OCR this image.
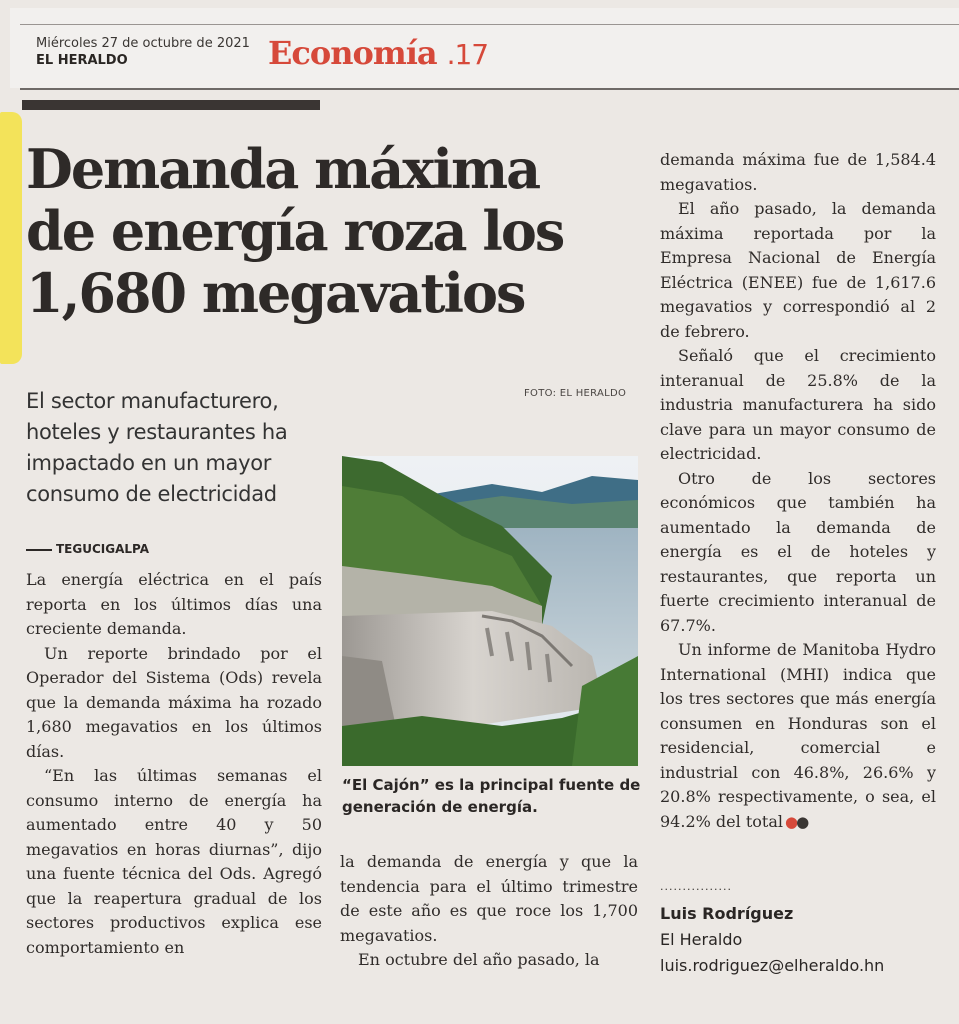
Miércoles 27 de octubre de 2021
EL HERALDO	Economía .17
Demanda máxima
de energía roza los
1,680 megavatios

El sector manufacturero, hoteles y restaurantes ha impactado en un mayor consumo de electricidad

TEGUCIGALPA

La energía eléctrica en el país reporta en los últimos días una creciente demanda.

Un reporte brindado por el Operador del Sistema (Ods) revela que la demanda máxima ha rozado 1,680 megavatios en los últimos días.

“En las últimas semanas el consumo interno de energía ha aumentado entre 40 y 50 megavatios en horas diurnas”, dijo una fuente técnica del Ods. Agregó que la reapertura gradual de los sectores productivos explica ese comportamiento en

FOTO: EL HERALDO

“El Cajón” es la principal fuente de generación de energía.

la demanda de energía y que la tendencia para el último trimestre de este año es que roce los 1,700 megavatios.

En octubre del año pasado, la

demanda máxima fue de 1,584.4 megavatios.

El año pasado, la demanda máxima reportada por la Empresa Nacional de Energía Eléctrica (ENEE) fue de 1,617.6 megavatios y correspondió al 2 de febrero.

Señaló que el crecimiento interanual de 25.8% de la industria manufacturera ha sido clave para un mayor consumo de electricidad.

Otro de los sectores económicos que también ha aumentado la demanda de energía es el de hoteles y restaurantes, que reporta un fuerte crecimiento interanual de 67.7%.

Un informe de Manitoba Hydro International (MHI) indica que los tres sectores que más energía consumen en Honduras son el residencial, comercial e industrial con 46.8%, 26.6% y 20.8% respectivamente, o sea, el 94.2% del total ●●

................
Luis Rodríguez
El Heraldo
luis.rodriguez@elheraldo.hn
